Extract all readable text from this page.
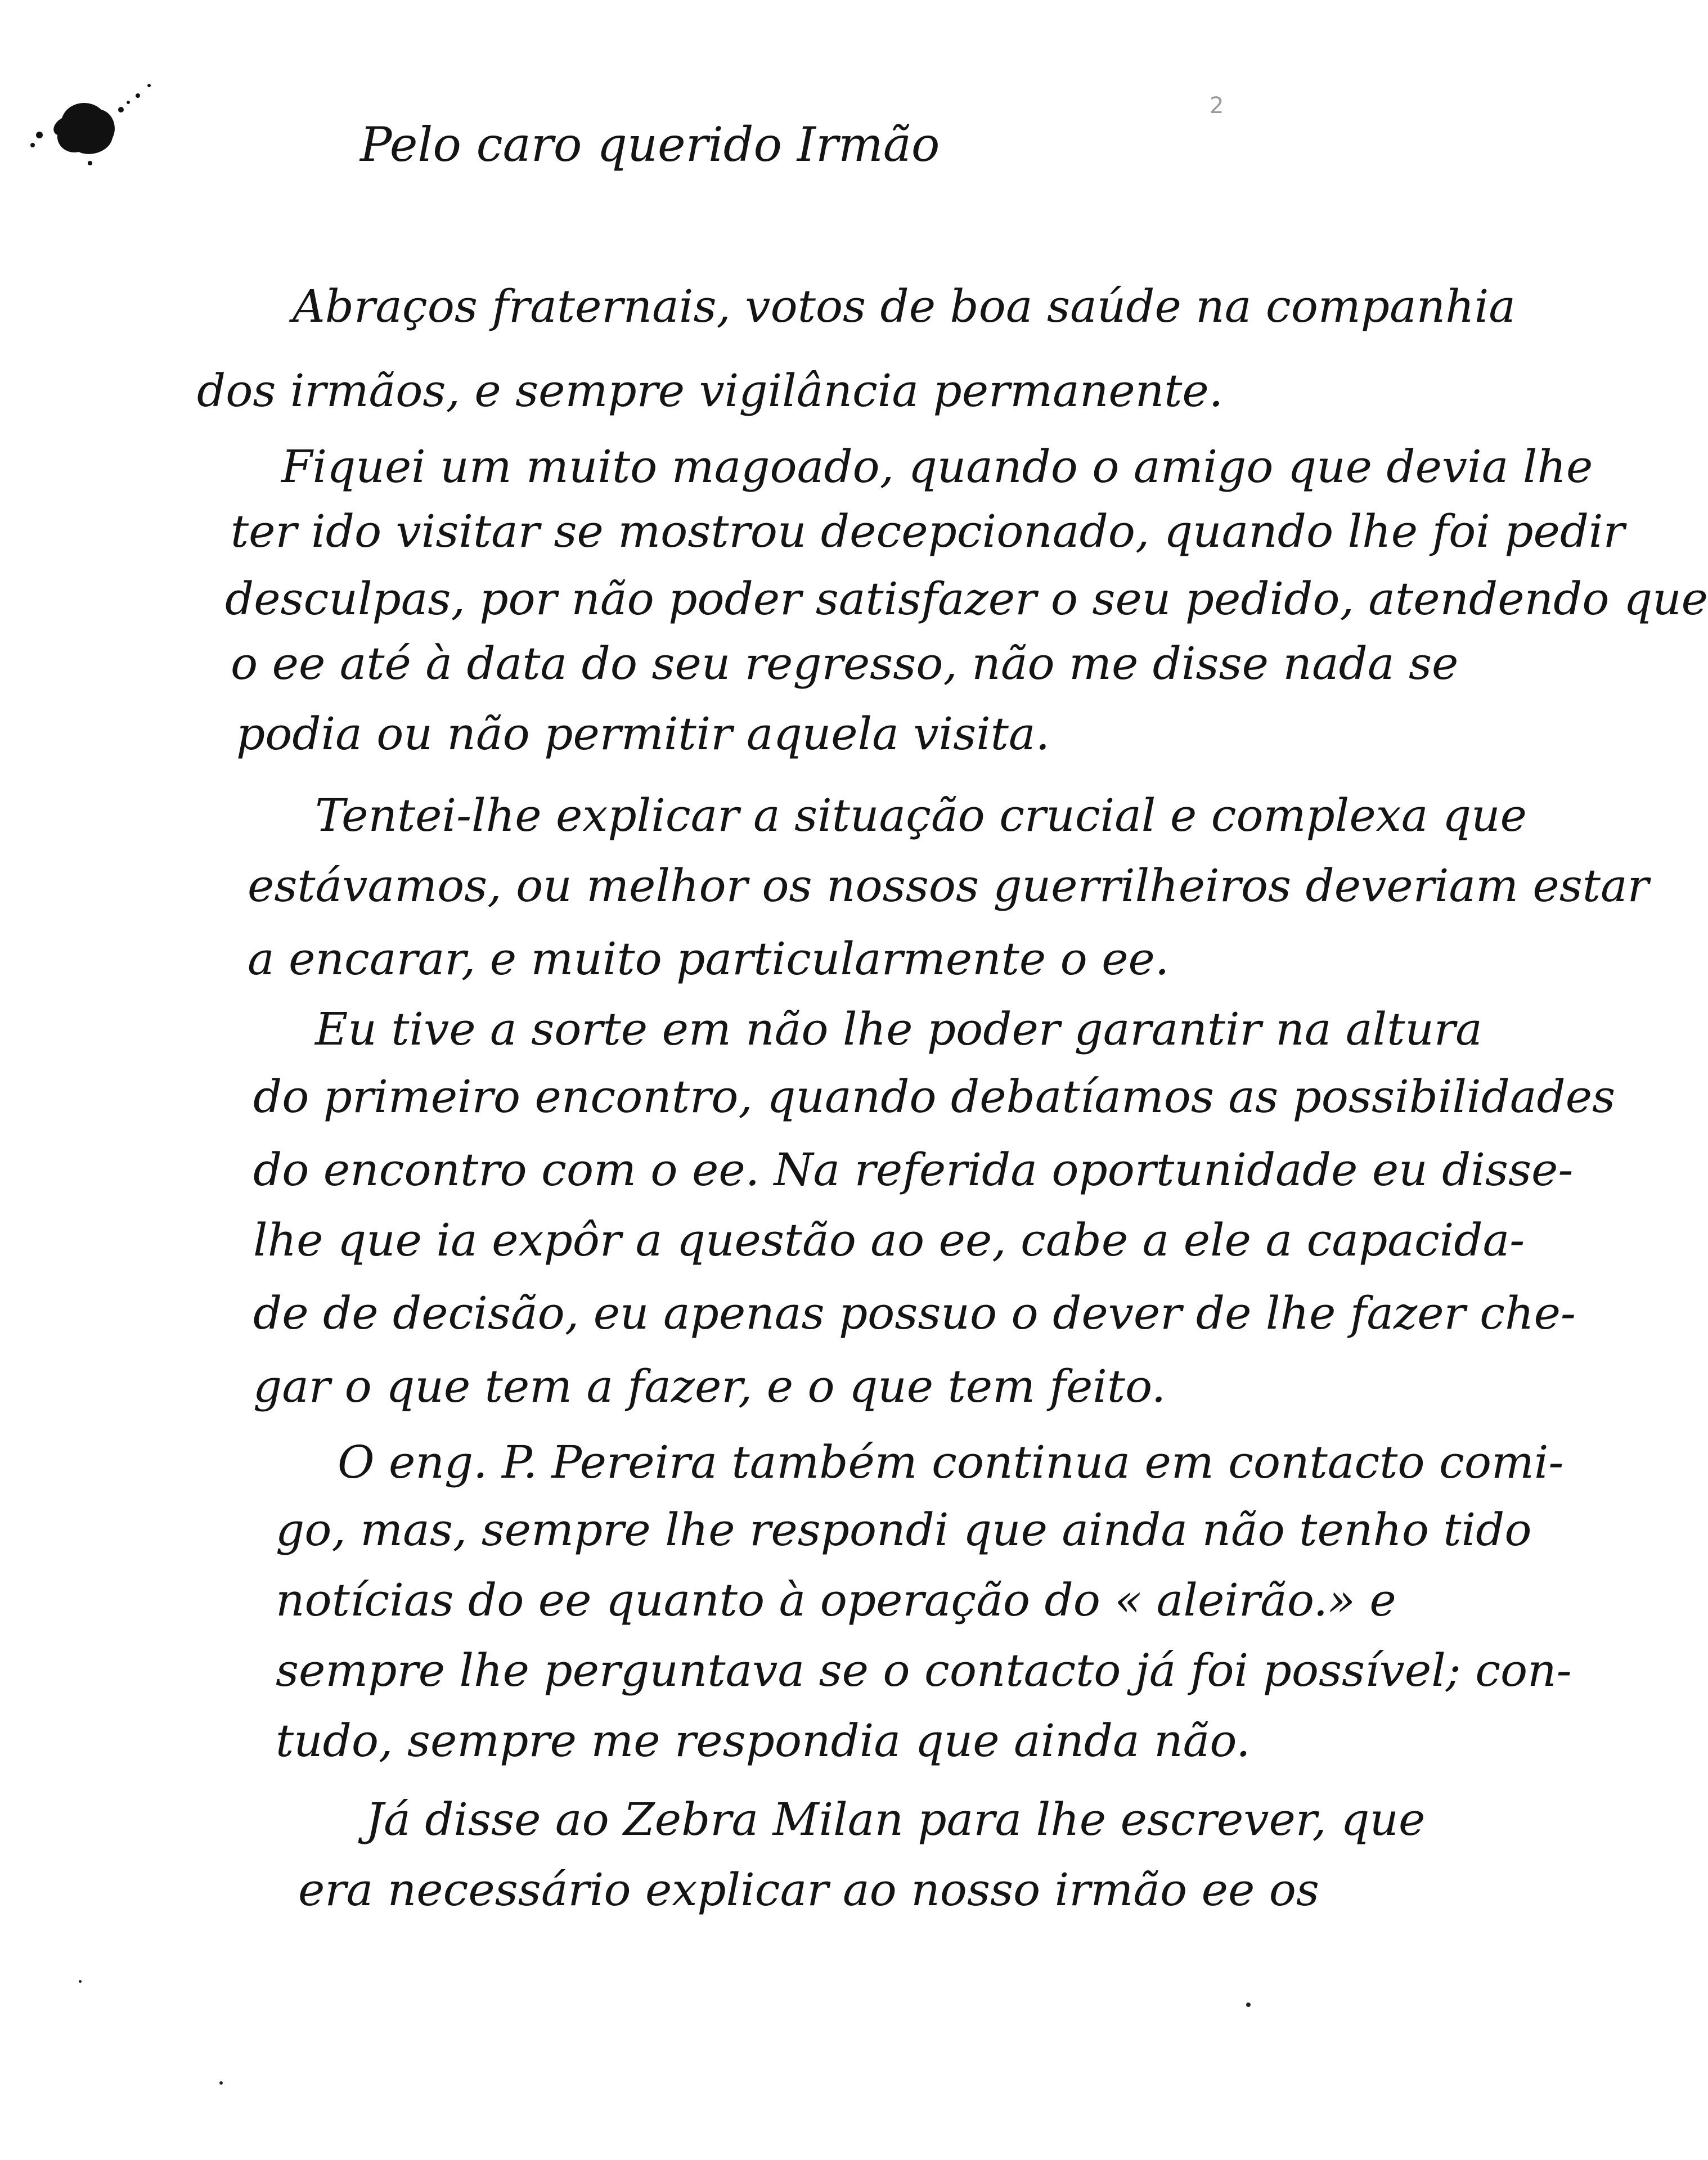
2
Pelo caro querido Irmão
Abraços fraternais, votos de boa saúde na companhia
dos irmãos, e sempre vigilância permanente.
Fiquei um muito magoado, quando o amigo que devia lhe
ter ido visitar se mostrou decepcionado, quando lhe foi pedir
desculpas, por não poder satisfazer o seu pedido, atendendo que
o ee até à data do seu regresso, não me disse nada se
podia ou não permitir aquela visita.
Tentei-lhe explicar a situação crucial e complexa que
estávamos, ou melhor os nossos guerrilheiros deveriam estar
a encarar, e muito particularmente o ee.
Eu tive a sorte em não lhe poder garantir na altura
do primeiro encontro, quando debatíamos as possibilidades
do encontro com o ee. Na referida oportunidade eu disse-
lhe que ia expôr a questão ao ee, cabe a ele a capacida-
de de decisão, eu apenas possuo o dever de lhe fazer che-
gar o que tem a fazer, e o que tem feito.
O eng. P. Pereira também continua em contacto comi-
go, mas, sempre lhe respondi que ainda não tenho tido
notícias do ee quanto à operação do « aleirão.» e
sempre lhe perguntava se o contacto já foi possível; con-
tudo, sempre me respondia que ainda não.
Já disse ao Zebra Milan para lhe escrever, que
era necessário explicar ao nosso irmão ee os
